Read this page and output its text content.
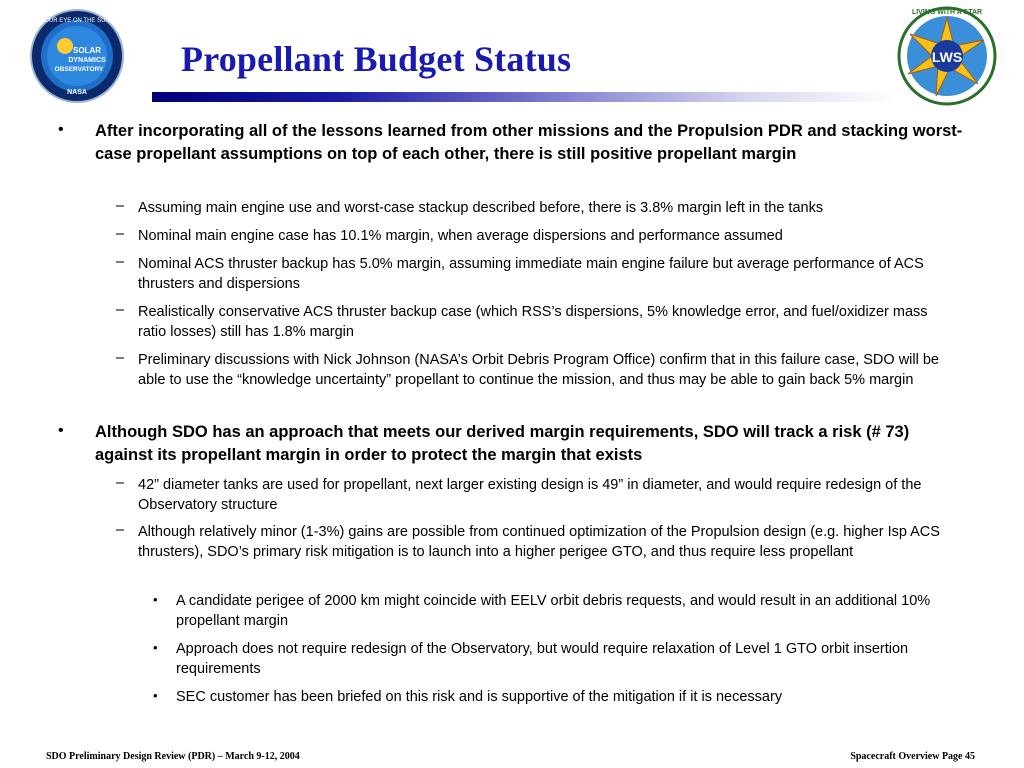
OUR EYE ON THE SUN
SOLAR
DYNAMICS
OBSERVATORY
NASA
LIVING WITH A STAR
LWS
Propellant Budget Status
• After incorporating all of the lessons learned from other missions and the Propulsion PDR and stacking worst-case propellant assumptions on top of each other, there is still positive propellant margin
– Assuming main engine use and worst-case stackup described before, there is 3.8% margin left in the tanks
– Nominal main engine case has 10.1% margin, when average dispersions and performance assumed
– Nominal ACS thruster backup has 5.0% margin, assuming immediate main engine failure but average performance of ACS thrusters and dispersions
– Realistically conservative ACS thruster backup case (which RSS’s dispersions, 5% knowledge error, and fuel/oxidizer mass ratio losses) still has 1.8% margin
– Preliminary discussions with Nick Johnson (NASA’s Orbit Debris Program Office) confirm that in this failure case, SDO will be able to use the “knowledge uncertainty” propellant to continue the mission, and thus may be able to gain back 5% margin
• Although SDO has an approach that meets our derived margin requirements, SDO will track a risk (# 73) against its propellant margin in order to protect the margin that exists
– 42” diameter tanks are used for propellant, next larger existing design is 49” in diameter, and would require redesign of the Observatory structure
– Although relatively minor (1-3%) gains are possible from continued optimization of the Propulsion design (e.g. higher Isp ACS thrusters), SDO’s primary risk mitigation is to launch into a higher perigee GTO, and thus require less propellant
• A candidate perigee of 2000 km might coincide with EELV orbit debris requests, and would result in an additional 10% propellant margin
• Approach does not require redesign of the Observatory, but would require relaxation of Level 1 GTO orbit insertion requirements
• SEC customer has been briefed on this risk and is supportive of the mitigation if it is necessary
SDO Preliminary Design Review (PDR) – March 9-12, 2004	Spacecraft Overview Page 45
